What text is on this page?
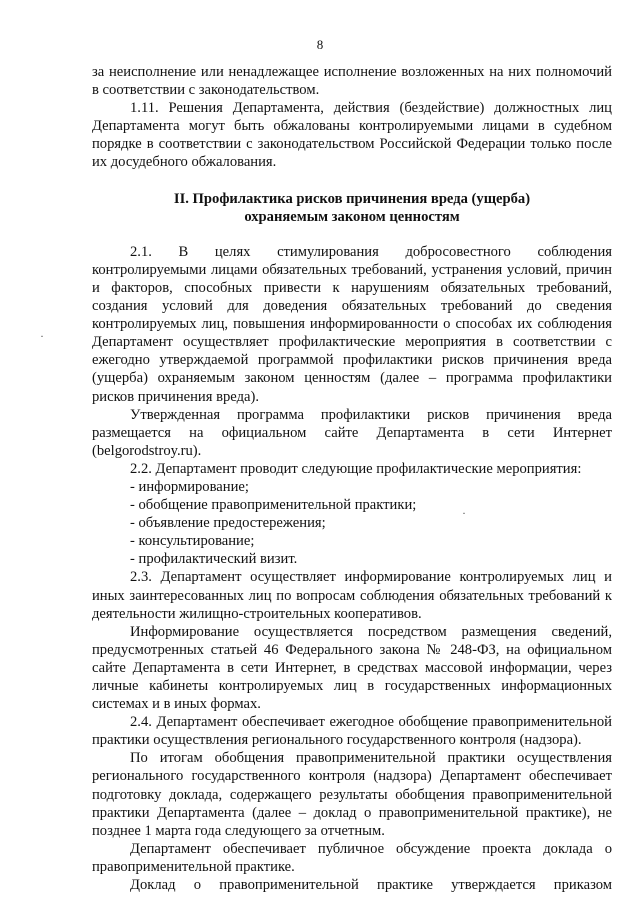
8

за неисполнение или ненадлежащее исполнение возложенных на них полномочий в соответствии с законодательством.

1.11. Решения Департамента, действия (бездействие) должностных лиц Департамента могут быть обжалованы контролируемыми лицами в судебном порядке в соответствии с законодательством Российской Федерации только после их досудебного обжалования.

II. Профилактика рисков причинения вреда (ущерба)
охраняемым законом ценностям

2.1. В целях стимулирования добросовестного соблюдения контролируемыми лицами обязательных требований, устранения условий, причин и факторов, способных привести к нарушениям обязательных требований, создания условий для доведения обязательных требований до сведения контролируемых лиц, повышения информированности о способах их соблюдения Департамент осуществляет профилактические мероприятия в соответствии с ежегодно утверждаемой программой профилактики рисков причинения вреда (ущерба) охраняемым законом ценностям (далее – программа профилактики рисков причинения вреда).

Утвержденная программа профилактики рисков причинения вреда размещается на официальном сайте Департамента в сети Интернет (belgorodstroy.ru).

2.2. Департамент проводит следующие профилактические мероприятия:

- информирование;

- обобщение правоприменительной практики;

- объявление предостережения;

- консультирование;

- профилактический визит.

2.3. Департамент осуществляет информирование контролируемых лиц и иных заинтересованных лиц по вопросам соблюдения обязательных требований к деятельности жилищно-строительных кооперативов.

Информирование осуществляется посредством размещения сведений, предусмотренных статьей 46 Федерального закона № 248-ФЗ, на официальном сайте Департамента в сети Интернет, в средствах массовой информации, через личные кабинеты контролируемых лиц в государственных информационных системах и в иных формах.

2.4. Департамент обеспечивает ежегодное обобщение правоприменительной практики осуществления регионального государственного контроля (надзора).

По итогам обобщения правоприменительной практики осуществления регионального государственного контроля (надзора) Департамент обеспечивает подготовку доклада, содержащего результаты обобщения правоприменительной практики Департамента (далее – доклад о правоприменительной практике), не позднее 1 марта года следующего за отчетным.

Департамент обеспечивает публичное обсуждение проекта доклада о правоприменительной практике.

Доклад о правоприменительной практике утверждается приказом

·
·
